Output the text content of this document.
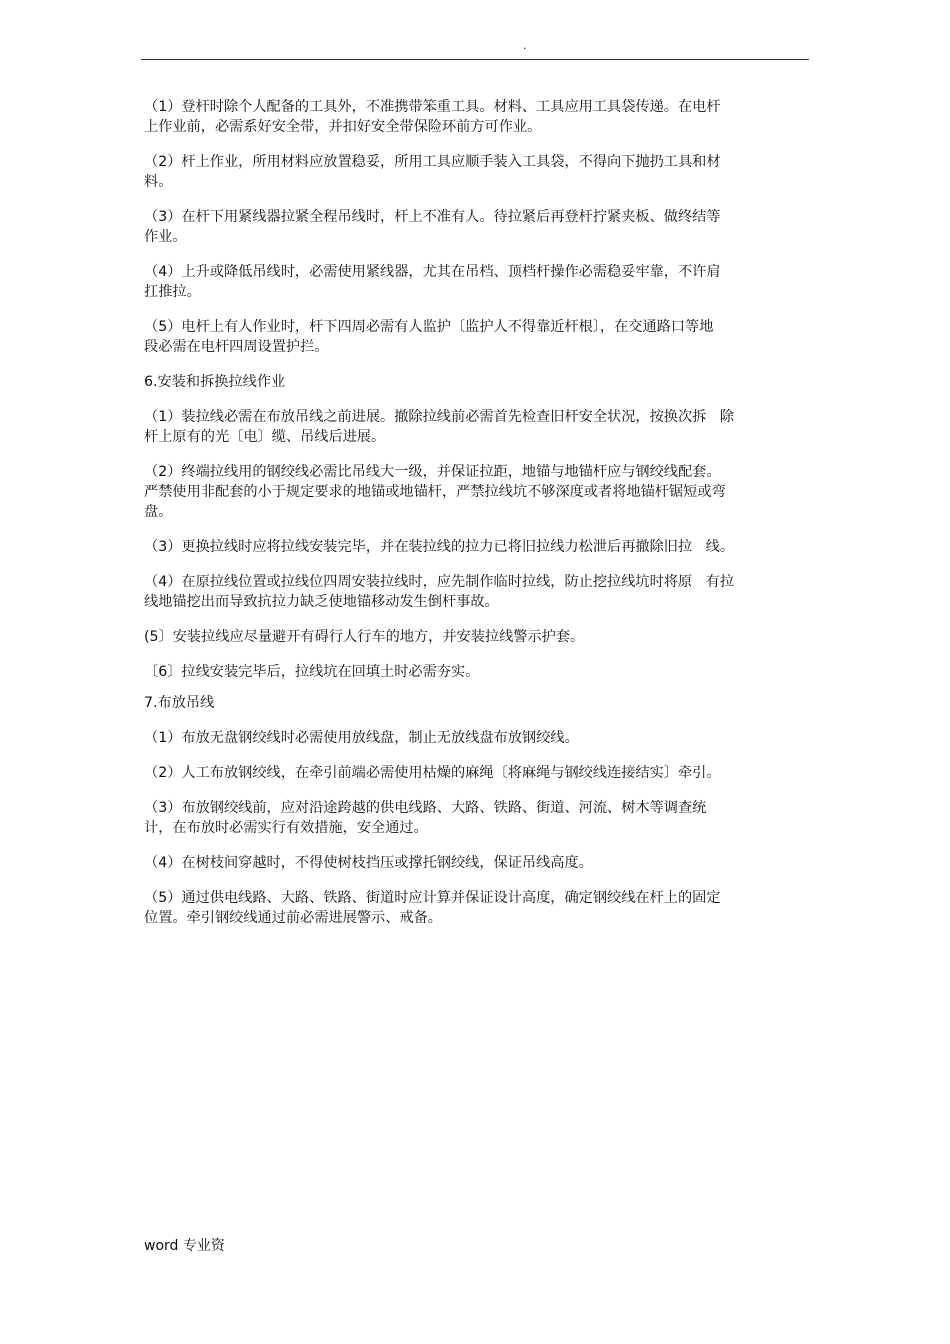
.

（1）登杆时除个人配备的工具外，不准携带笨重工具。材料、工具应用工具袋传递。在电杆
上作业前，必需系好安全带，并扣好安全带保险环前方可作业。

（2）杆上作业，所用材料应放置稳妥，所用工具应顺手装入工具袋，不得向下抛扔工具和材
料。

（3）在杆下用紧线器拉紧全程吊线时，杆上不准有人。待拉紧后再登杆拧紧夹板、做终结等
作业。

（4）上升或降低吊线时，必需使用紧线器，尤其在吊档、顶档杆操作必需稳妥牢靠，不许肩
扛推拉。

（5）电杆上有人作业时，杆下四周必需有人监护〔监护人不得靠近杆根〕，在交通路口等地
段必需在电杆四周设置护拦。

6.安装和拆换拉线作业

（1）装拉线必需在布放吊线之前进展。撤除拉线前必需首先检查旧杆安全状况，按换次拆   除
杆上原有的光〔电〕缆、吊线后进展。

（2）终端拉线用的钢绞线必需比吊线大一级，并保证拉距，地锚与地锚杆应与钢绞线配套。
严禁使用非配套的小于规定要求的地锚或地锚杆，严禁拉线坑不够深度或者将地锚杆锯短或弯
盘。

（3）更换拉线时应将拉线安装完毕，并在装拉线的拉力已将旧拉线力松泄后再撤除旧拉   线。

（4）在原拉线位置或拉线位四周安装拉线时，应先制作临时拉线，防止挖拉线坑时将原   有拉
线地锚挖出而导致抗拉力缺乏使地锚移动发生倒杆事故。

(5〕安装拉线应尽量避开有碍行人行车的地方，并安装拉线警示护套。

〔6〕拉线安装完毕后，拉线坑在回填土时必需夯实。

7.布放吊线

（1）布放无盘钢绞线时必需使用放线盘，制止无放线盘布放钢绞线。

（2）人工布放钢绞线，在牵引前端必需使用枯燥的麻绳〔将麻绳与钢绞线连接结实〕牵引。

（3）布放钢绞线前，应对沿途跨越的供电线路、大路、铁路、街道、河流、树木等调查统
计，在布放时必需实行有效措施，安全通过。

（4）在树枝间穿越时，不得使树枝挡压或撑托钢绞线，保证吊线高度。

（5）通过供电线路、大路、铁路、街道时应计算并保证设计高度，确定钢绞线在杆上的固定
位置。牵引钢绞线通过前必需进展警示、戒备。

word 专业资
